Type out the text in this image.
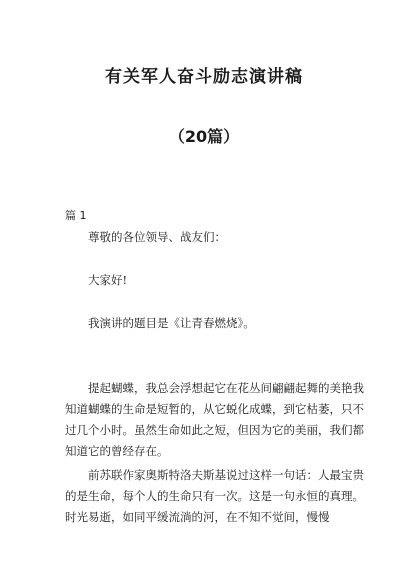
有关军人奋斗励志演讲稿
（20篇）
篇 1

尊敬的各位领导、战友们：

大家好!

我演讲的题目是《让青春燃烧》。

提起蝴蝶，我总会浮想起它在花丛间翩翩起舞的美艳我知道蝴蝶的生命是短暂的，从它蜕化成蝶，到它枯萎，只不过几个小时。虽然生命如此之短，但因为它的美丽，我们都知道它的曾经存在。

前苏联作家奥斯特洛夫斯基说过这样一句话：人最宝贵的是生命，每个人的生命只有一次。这是一句永恒的真理。时光易逝，如同平缓流淌的河，在不知不觉间，慢慢
